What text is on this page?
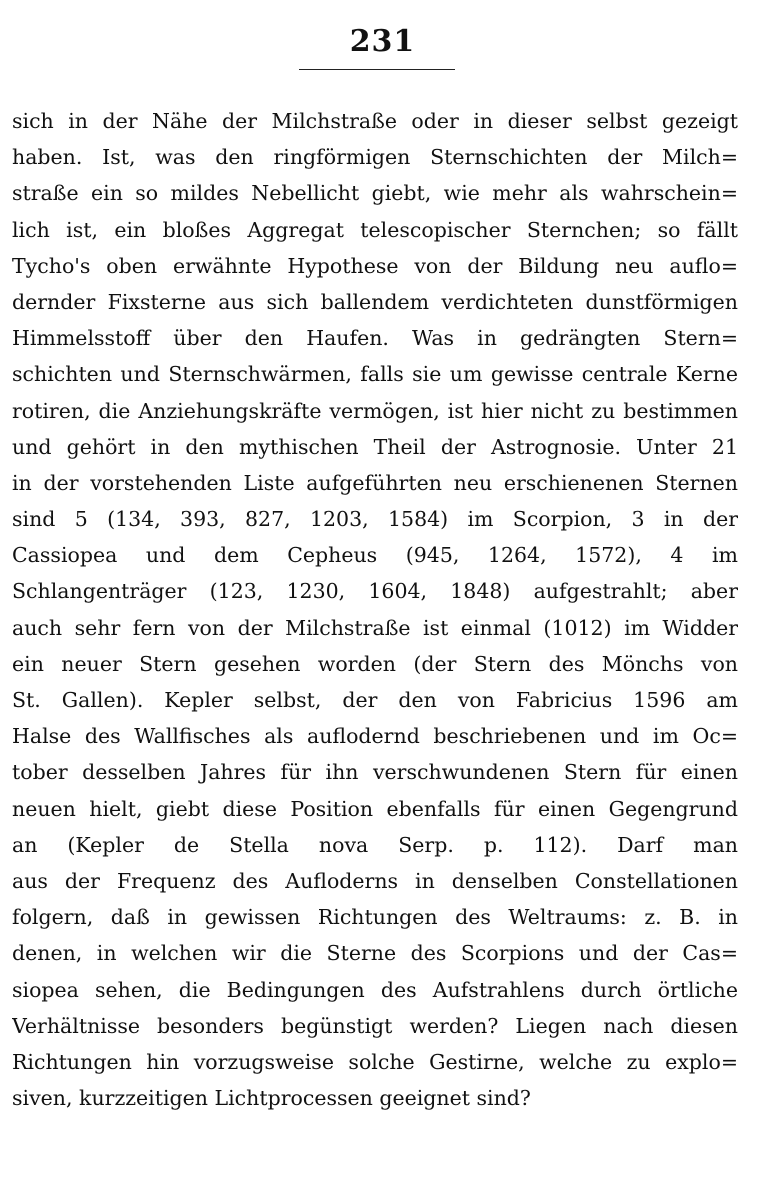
231
sich in der Nähe der Milchstraße oder in dieser selbst gezeigt
haben. Ist, was den ringförmigen Sternschichten der Milch=
straße ein so mildes Nebellicht giebt, wie mehr als wahrschein=
lich ist, ein bloßes Aggregat telescopischer Sternchen; so fällt
Tycho's oben erwähnte Hypothese von der Bildung neu auflo=
dernder Fixsterne aus sich ballendem verdichteten dunstförmigen
Himmelsstoff über den Haufen. Was in gedrängten Stern=
schichten und Sternschwärmen, falls sie um gewisse centrale Kerne
rotiren, die Anziehungskräfte vermögen, ist hier nicht zu bestimmen
und gehört in den mythischen Theil der Astrognosie. Unter 21
in der vorstehenden Liste aufgeführten neu erschienenen Sternen
sind 5 (134, 393, 827, 1203, 1584) im Scorpion, 3 in der
Cassiopea und dem Cepheus (945, 1264, 1572), 4 im
Schlangenträger (123, 1230, 1604, 1848) aufgestrahlt; aber
auch sehr fern von der Milchstraße ist einmal (1012) im Widder
ein neuer Stern gesehen worden (der Stern des Mönchs von
St. Gallen). Kepler selbst, der den von Fabricius 1596 am
Halse des Wallfisches als auflodernd beschriebenen und im Oc=
tober desselben Jahres für ihn verschwundenen Stern für einen
neuen hielt, giebt diese Position ebenfalls für einen Gegengrund
an (Kepler de Stella nova Serp. p. 112). Darf man
aus der Frequenz des Aufloderns in denselben Constellationen
folgern, daß in gewissen Richtungen des Weltraums: z. B. in
denen, in welchen wir die Sterne des Scorpions und der Cas=
siopea sehen, die Bedingungen des Aufstrahlens durch örtliche
Verhältnisse besonders begünstigt werden? Liegen nach diesen
Richtungen hin vorzugsweise solche Gestirne, welche zu explo=
siven, kurzzeitigen Lichtprocessen geeignet sind?
